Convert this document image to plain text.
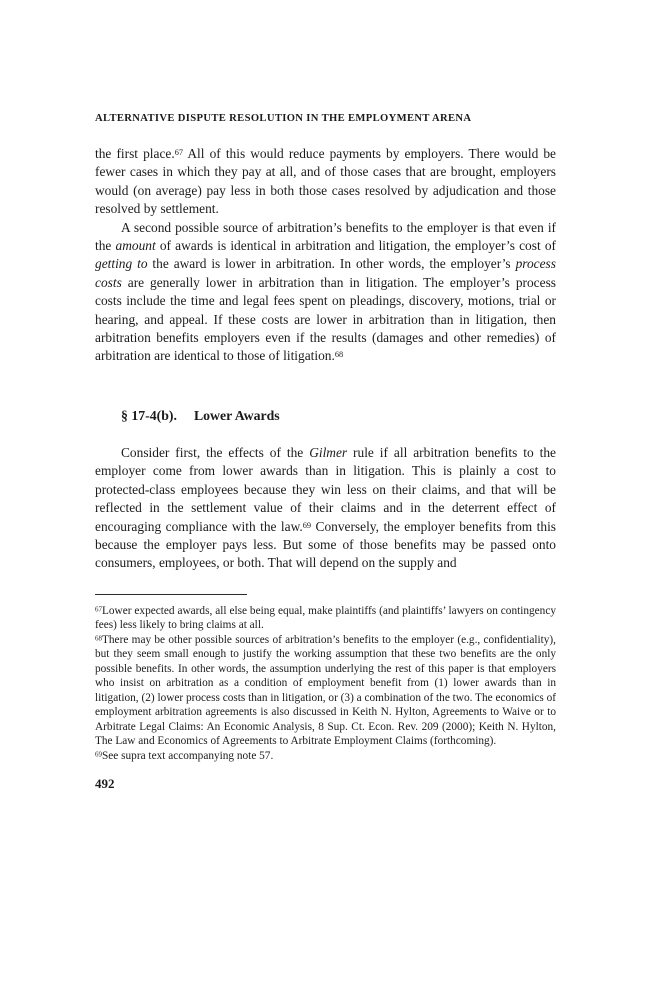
ALTERNATIVE DISPUTE RESOLUTION IN THE EMPLOYMENT ARENA

the first place.$^{67}$ All of this would reduce payments by employers. There would be fewer cases in which they pay at all, and of those cases that are brought, employers would (on average) pay less in both those cases resolved by adjudication and those resolved by settlement.

A second possible source of arbitration’s benefits to the employer is that even if the amount of awards is identical in arbitration and litigation, the employer’s cost of getting to the award is lower in arbitration. In other words, the employer’s process costs are generally lower in arbitration than in litigation. The employer’s process costs include the time and legal fees spent on pleadings, discovery, motions, trial or hearing, and appeal. If these costs are lower in arbitration than in litigation, then arbitration benefits employers even if the results (damages and other remedies) of arbitration are identical to those of litigation.$^{68}$

§ 17-4(b). Lower Awards

Consider first, the effects of the Gilmer rule if all arbitration benefits to the employer come from lower awards than in litigation. This is plainly a cost to protected-class employees because they win less on their claims, and that will be reflected in the settlement value of their claims and in the deterrent effect of encouraging compliance with the law.$^{69}$ Conversely, the employer benefits from this because the employer pays less. But some of those benefits may be passed onto consumers, employees, or both. That will depend on the supply and

$^{67}$Lower expected awards, all else being equal, make plaintiffs (and plaintiffs’ lawyers on contingency fees) less likely to bring claims at all.
$^{68}$There may be other possible sources of arbitration’s benefits to the employer (e.g., confidentiality), but they seem small enough to justify the working assumption that these two benefits are the only possible benefits. In other words, the assumption underlying the rest of this paper is that employers who insist on arbitration as a condition of employment benefit from (1) lower awards than in litigation, (2) lower process costs than in litigation, or (3) a combination of the two. The economics of employment arbitration agreements is also discussed in Keith N. Hylton, Agreements to Waive or to Arbitrate Legal Claims: An Economic Analysis, 8 Sup. Ct. Econ. Rev. 209 (2000); Keith N. Hylton, The Law and Economics of Agreements to Arbitrate Employment Claims (forthcoming).
$^{69}$See supra text accompanying note 57.
492
